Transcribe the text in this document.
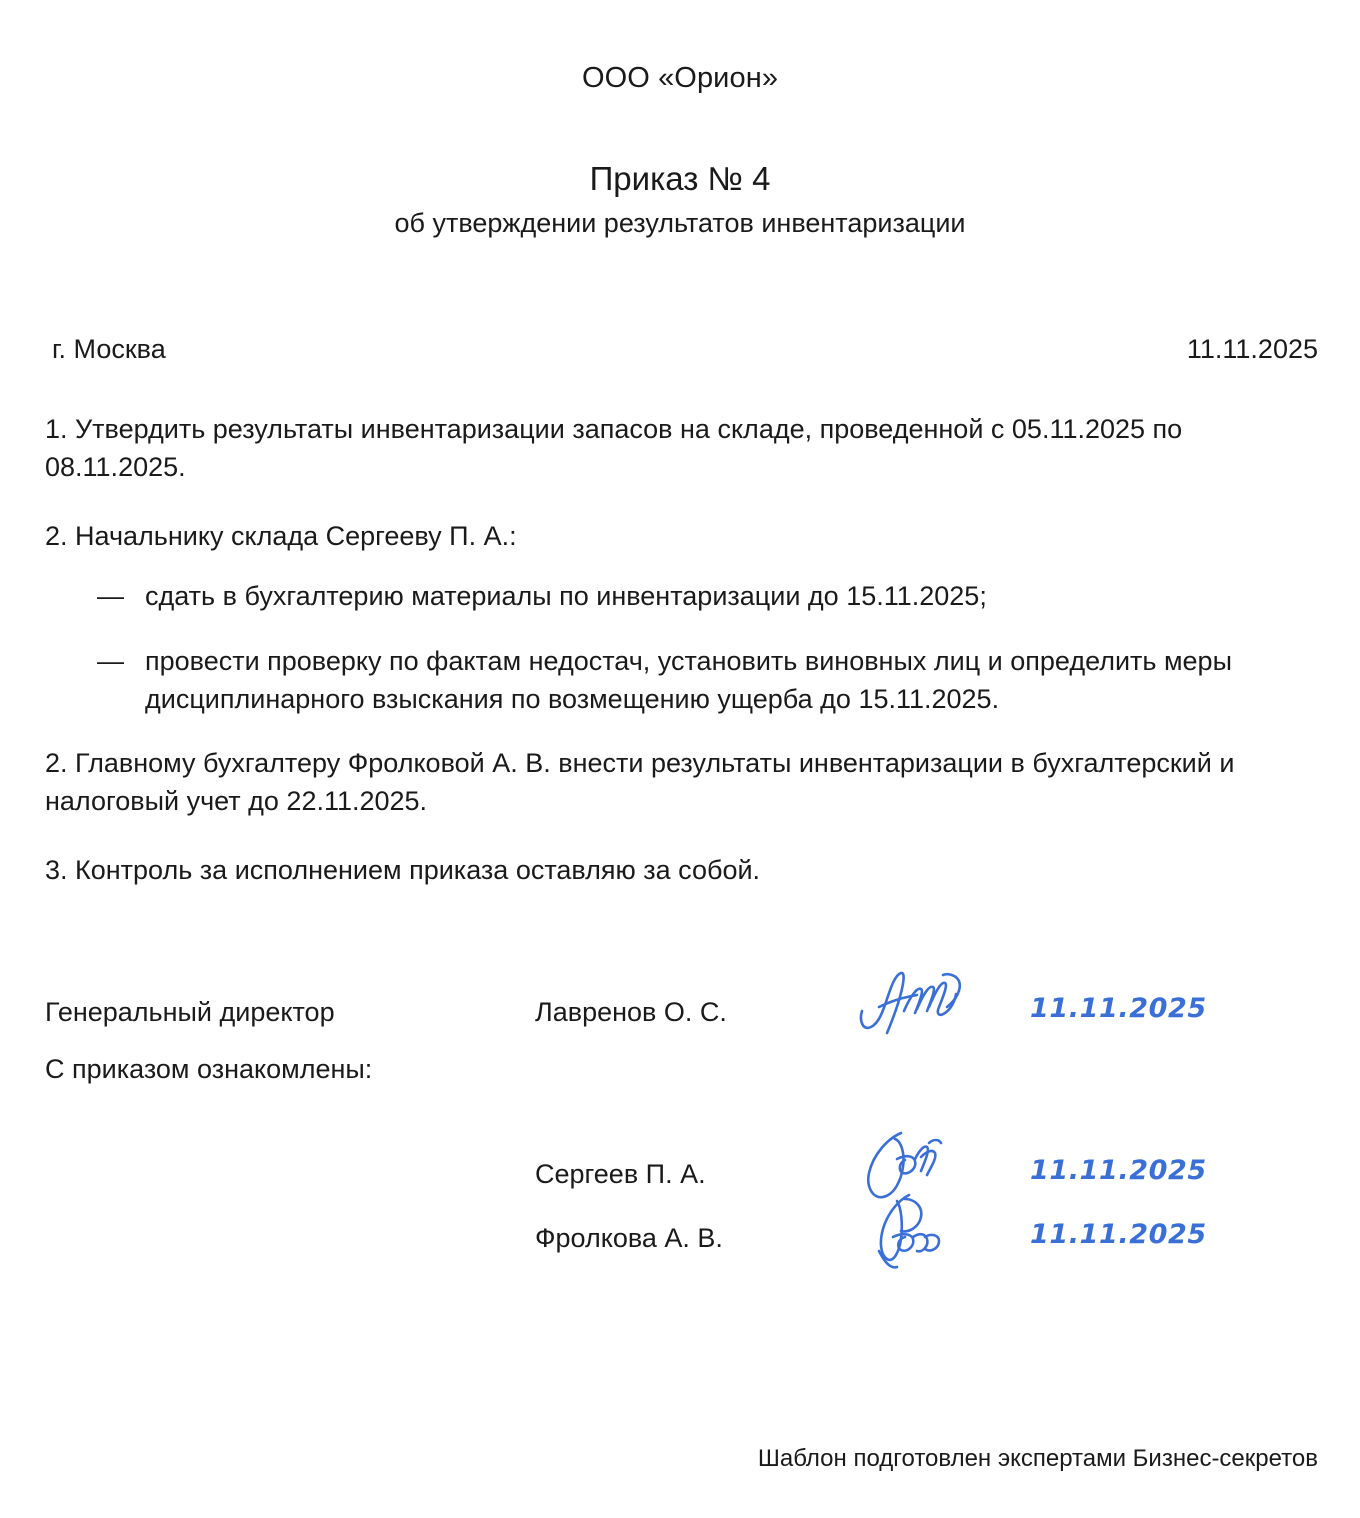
ООО «Орион»
Приказ № 4
об утверждении результатов инвентаризации
г. Москва	11.11.2025

1. Утвердить результаты инвентаризации запасов на складе, проведенной с 05.11.2025 по 08.11.2025.

2. Начальнику склада Сергееву П. А.:

— сдать в бухгалтерию материалы по инвентаризации до 15.11.2025;
— провести проверку по фактам недостач, установить виновных лиц и определить меры дисциплинарного взыскания по возмещению ущерба до 15.11.2025.

2. Главному бухгалтеру Фролковой А. В. внести результаты инвентаризации в бухгалтерский и налоговый учет до 22.11.2025.

3. Контроль за исполнением приказа оставляю за собой.

Генеральный директор	Лавренов О. С.	11.11.2025
С приказом ознакомлены:
Сергеев П. А.	11.11.2025
Фролкова А. В.	11.11.2025
Шаблон подготовлен экспертами Бизнес-секретов
